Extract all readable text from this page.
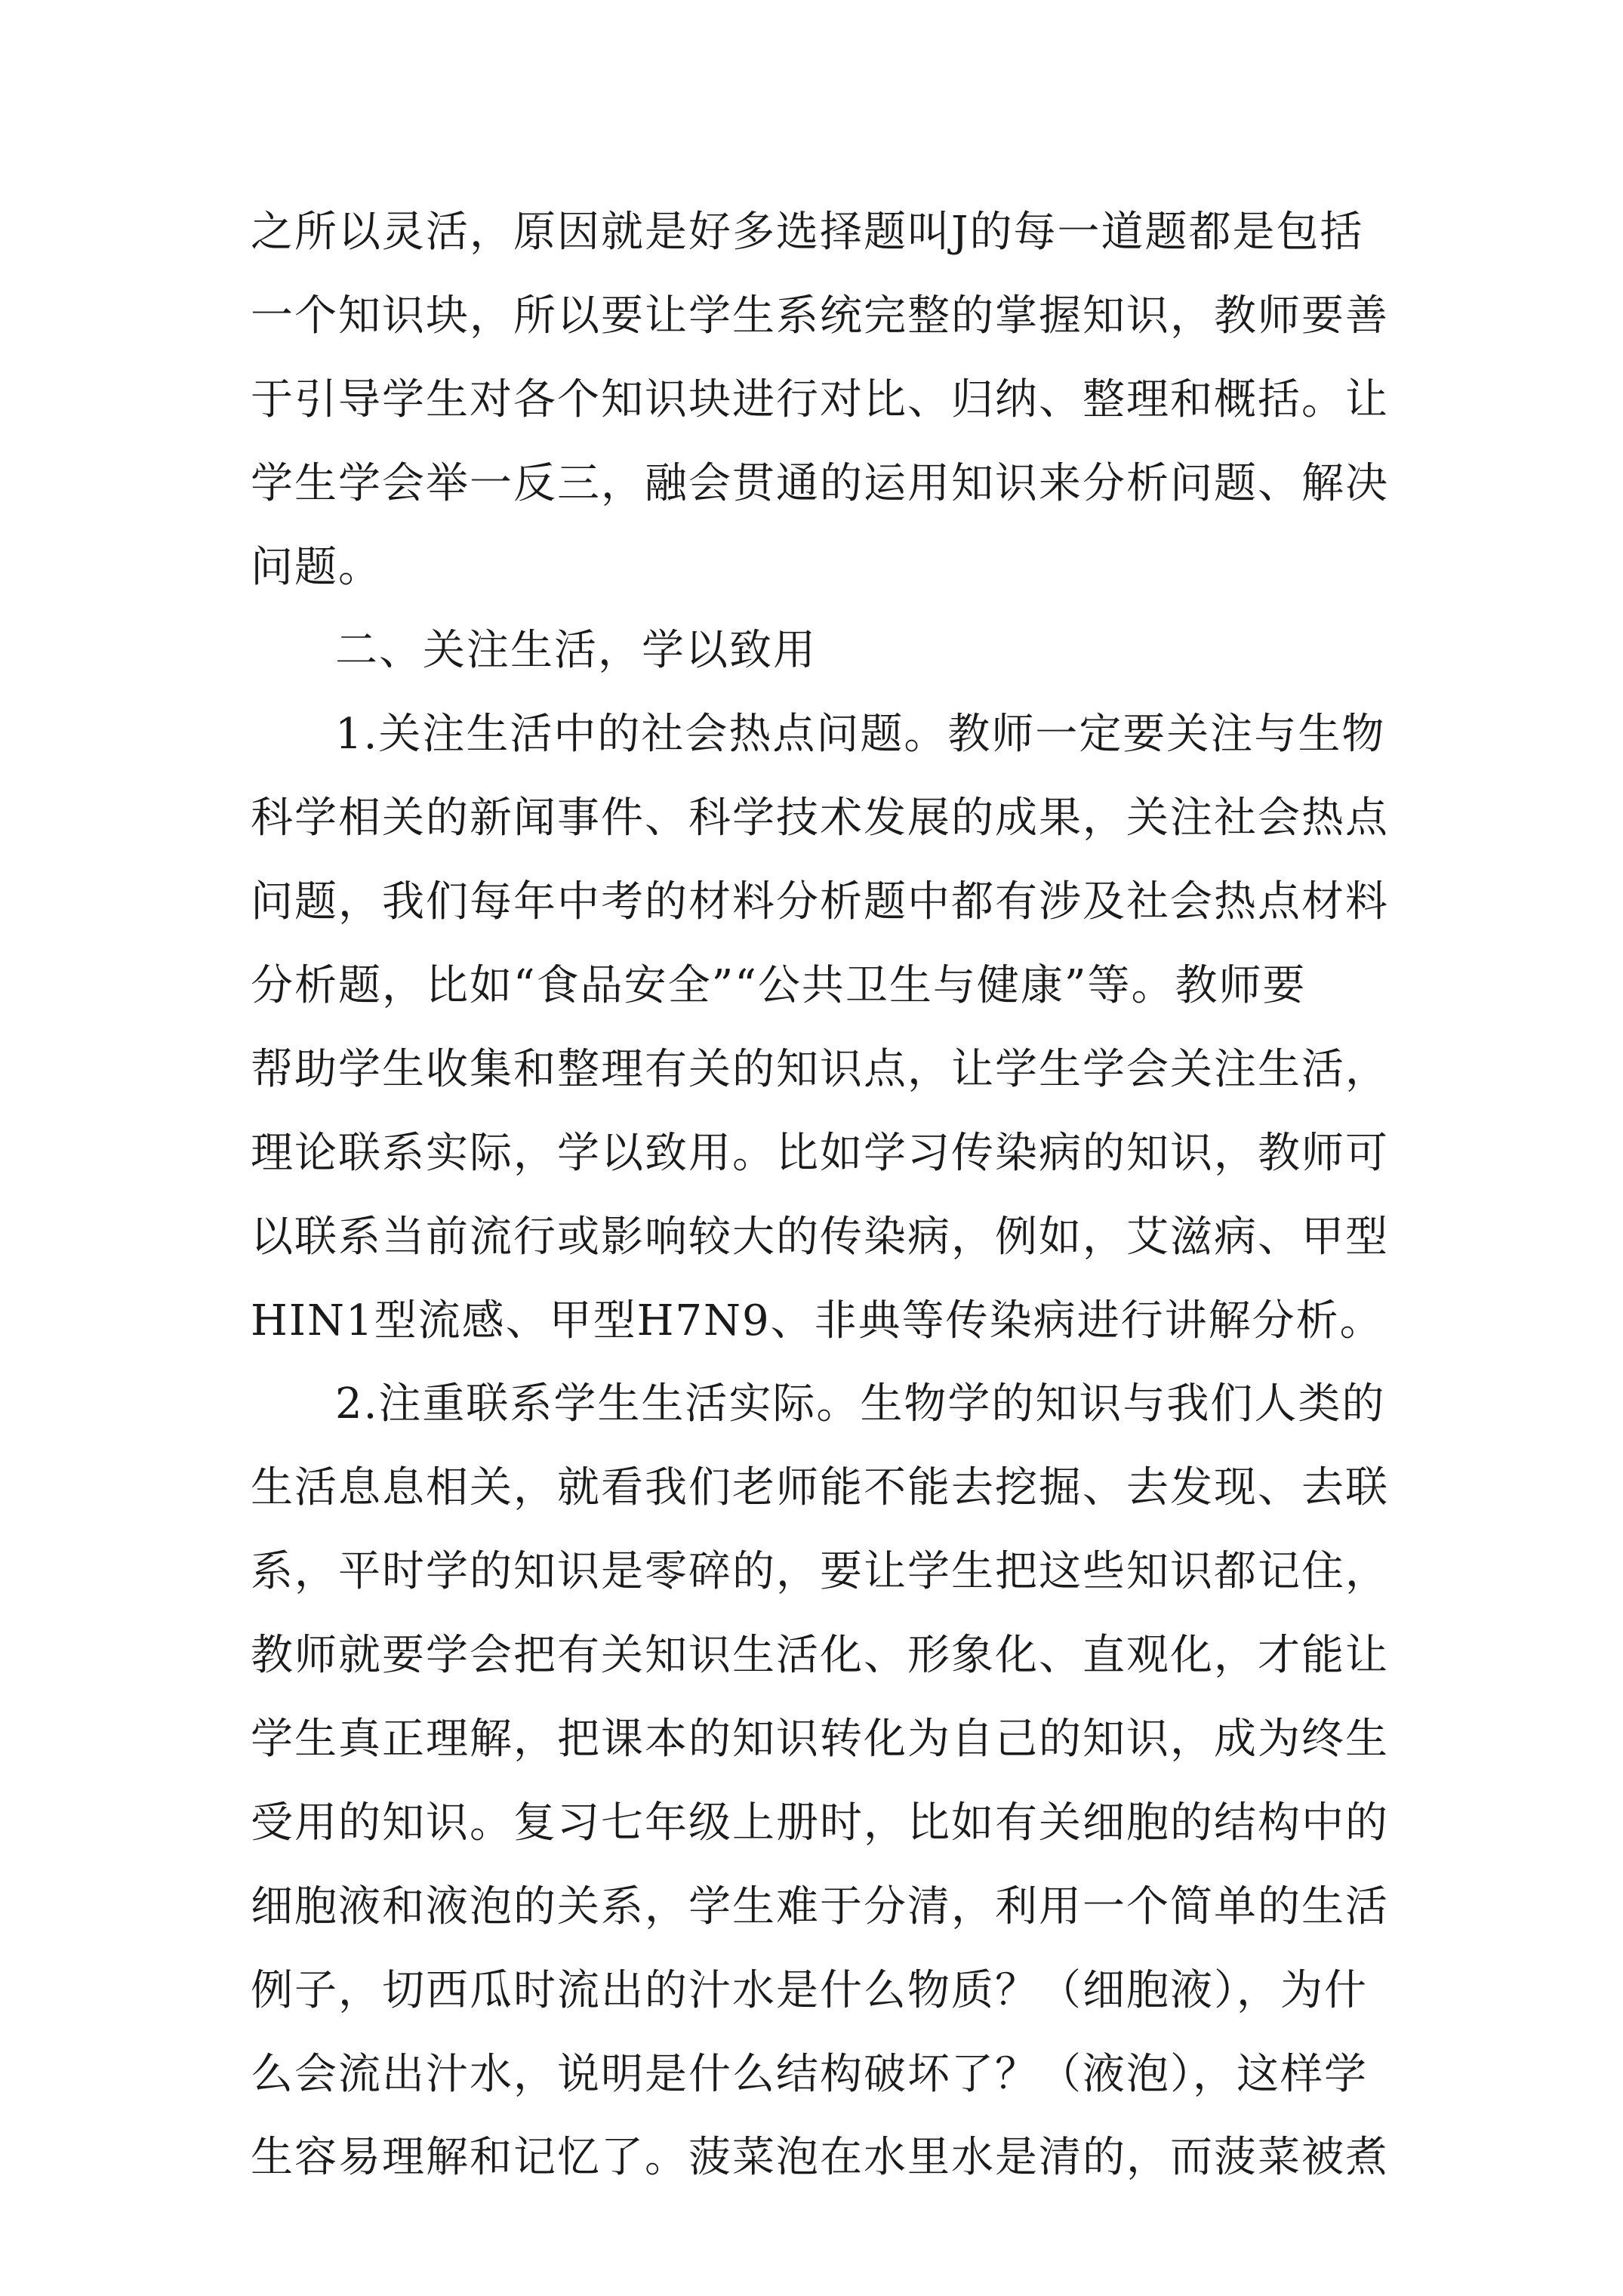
之所以灵活，原因就是好多选择题叫J的每一道题都是包括
一个知识块，所以要让学生系统完整的掌握知识，教师要善
于引导学生对各个知识块进行对比、归纳、整理和概括。让
学生学会举一反三，融会贯通的运用知识来分析问题、解决
问题。
二、关注生活，学以致用
1.关注生活中的社会热点问题。教师一定要关注与生物
科学相关的新闻事件、科学技术发展的成果，关注社会热点
问题，我们每年中考的材料分析题中都有涉及社会热点材料
分析题，比如“食品安全”“公共卫生与健康”等。教师要
帮助学生收集和整理有关的知识点，让学生学会关注生活，
理论联系实际，学以致用。比如学习传染病的知识，教师可
以联系当前流行或影响较大的传染病，例如，艾滋病、甲型
HIN1型流感、甲型H7N9、非典等传染病进行讲解分析。
2.注重联系学生生活实际。生物学的知识与我们人类的
生活息息相关，就看我们老师能不能去挖掘、去发现、去联
系，平时学的知识是零碎的，要让学生把这些知识都记住，
教师就要学会把有关知识生活化、形象化、直观化，才能让
学生真正理解，把课本的知识转化为自己的知识，成为终生
受用的知识。复习七年级上册时，比如有关细胞的结构中的
细胞液和液泡的关系，学生难于分清，利用一个简单的生活
例子，切西瓜时流出的汁水是什么物质？（细胞液），为什
么会流出汁水，说明是什么结构破坏了？（液泡），这样学
生容易理解和记忆了。菠菜泡在水里水是清的，而菠菜被煮
